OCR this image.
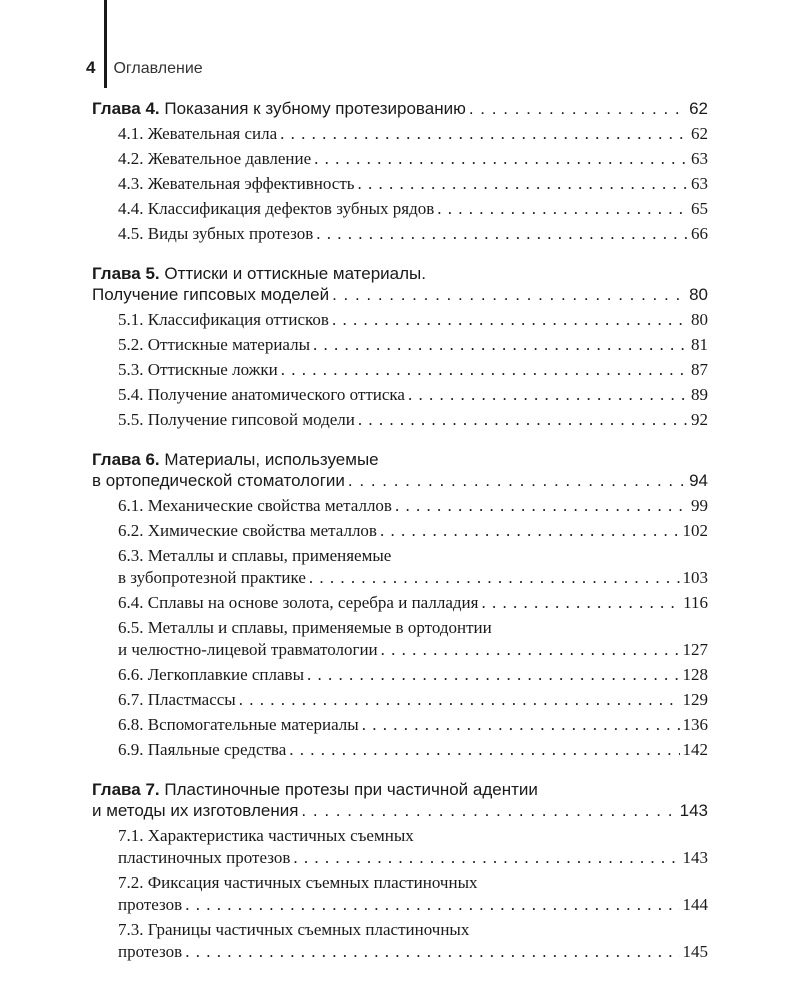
4 Оглавление
Глава 4. Показания к зубному протезированию . . .	62
4.1. Жевательная сила . . .	62
4.2. Жевательное давление . . .	63
4.3. Жевательная эффективность . . .	63
4.4. Классификация дефектов зубных рядов . . .	65
4.5. Виды зубных протезов . . .	66
Глава 5. Оттиски и оттискные материалы.
Получение гипсовых моделей . . .	80
5.1. Классификация оттисков . . .	80
5.2. Оттискные материалы . . .	81
5.3. Оттискные ложки . . .	87
5.4. Получение анатомического оттиска . . .	89
5.5. Получение гипсовой модели . . .	92
Глава 6. Материалы, используемые
в ортопедической стоматологии . . .	94
6.1. Механические свойства металлов . . .	99
6.2. Химические свойства металлов . . .	102
6.3. Металлы и сплавы, применяемые
в зубопротезной практике . . .	103
6.4. Сплавы на основе золота, серебра и палладия . . .	116
6.5. Металлы и сплавы, применяемые в ортодонтии
и челюстно-лицевой травматологии . . .	127
6.6. Легкоплавкие сплавы . . .	128
6.7. Пластмассы . . .	129
6.8. Вспомогательные материалы . . .	136
6.9. Паяльные средства . . .	142
Глава 7. Пластиночные протезы при частичной адентии
и методы их изготовления . . .	143
7.1. Характеристика частичных съемных
пластиночных протезов . . .	143
7.2. Фиксация частичных съемных пластиночных
протезов . . .	144
7.3. Границы частичных съемных пластиночных
протезов . . .	145
